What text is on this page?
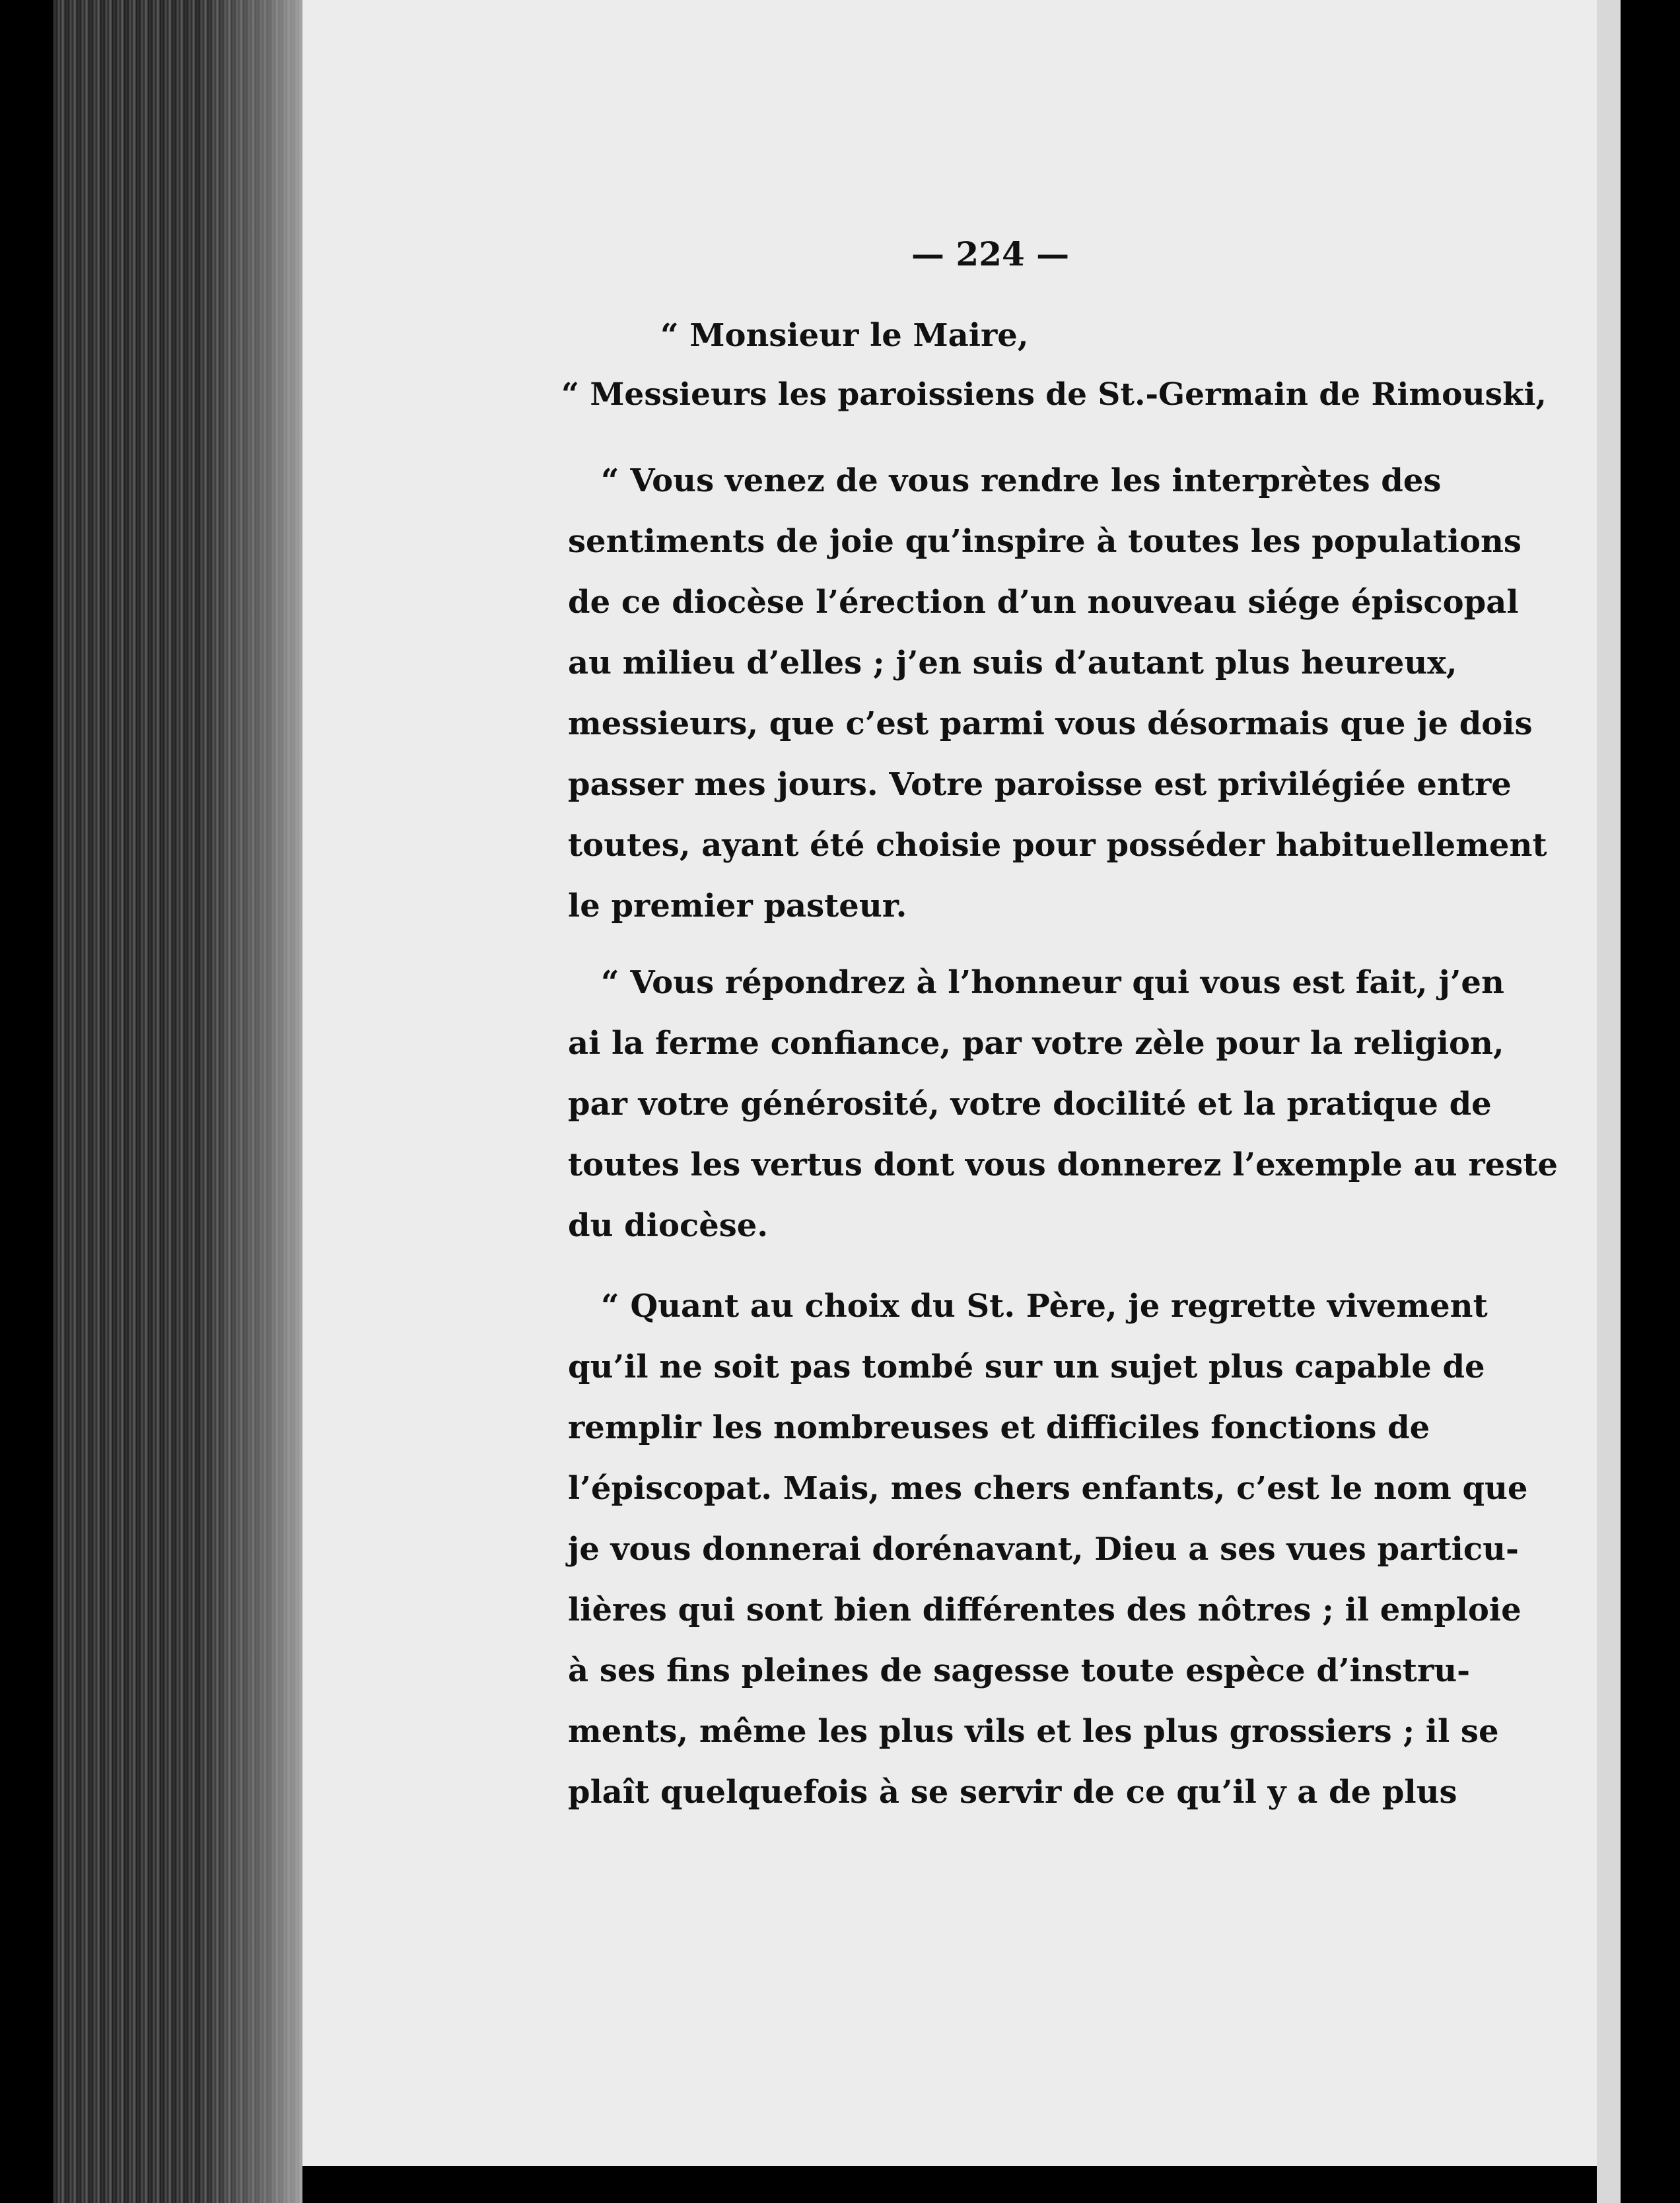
— 224 —
“ Monsieur le Maire,
“ Messieurs les paroissiens de St.-Germain de Rimouski,
“ Vous venez de vous rendre les interprètes des
sentiments de joie qu’inspire à toutes les populations
de ce diocèse l’érection d’un nouveau siége épiscopal
au milieu d’elles ; j’en suis d’autant plus heureux,
messieurs, que c’est parmi vous désormais que je dois
passer mes jours. Votre paroisse est privilégiée entre
toutes, ayant été choisie pour posséder habituellement
le premier pasteur.
“ Vous répondrez à l’honneur qui vous est fait, j’en
ai la ferme confiance, par votre zèle pour la religion,
par votre générosité, votre docilité et la pratique de
toutes les vertus dont vous donnerez l’exemple au reste
du diocèse.
“ Quant au choix du St. Père, je regrette vivement
qu’il ne soit pas tombé sur un sujet plus capable de
remplir les nombreuses et difficiles fonctions de
l’épiscopat. Mais, mes chers enfants, c’est le nom que
je vous donnerai dorénavant, Dieu a ses vues particu-
lières qui sont bien différentes des nôtres ; il emploie
à ses fins pleines de sagesse toute espèce d’instru-
ments, même les plus vils et les plus grossiers ; il se
plaît quelquefois à se servir de ce qu’il y a de plus
